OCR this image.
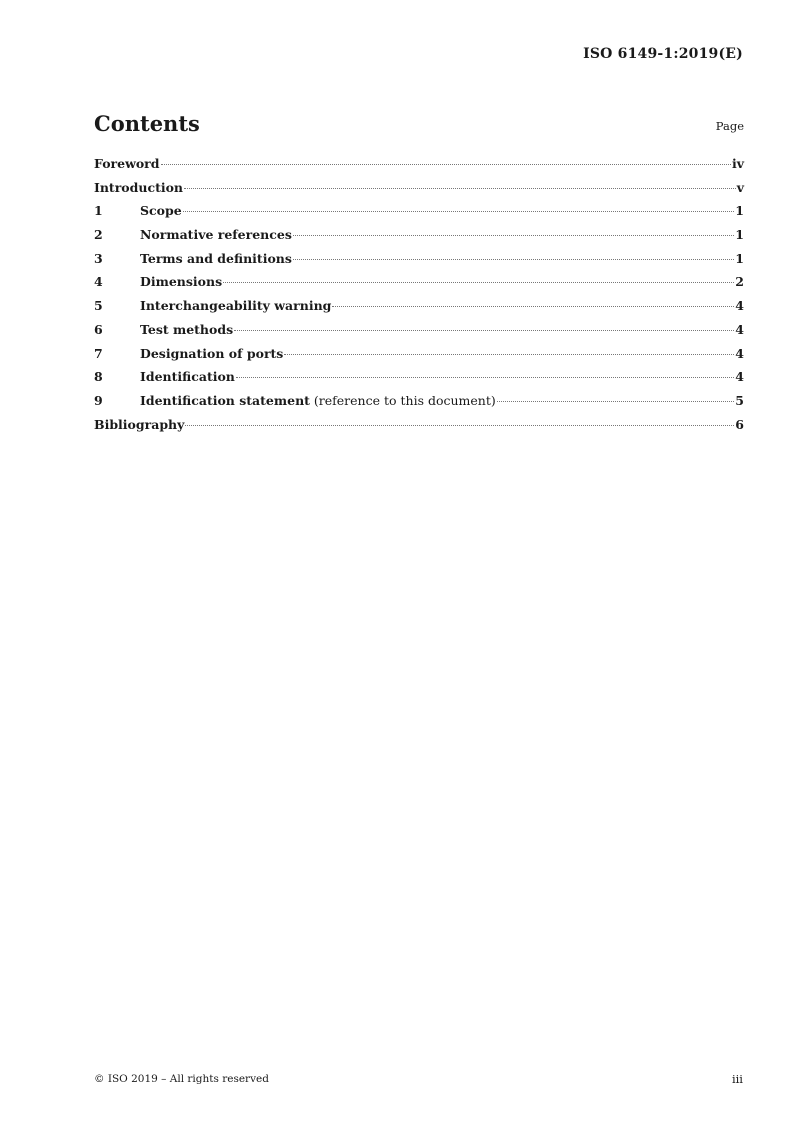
ISO 6149-1:2019(E)
Contents	Page
Foreword	iv
Introduction	v
1	Scope	1
2	Normative references	1
3	Terms and definitions	1
4	Dimensions	2
5	Interchangeability warning	4
6	Test methods	4
7	Designation of ports	4
8	Identification	4
9	Identification statement (reference to this document)	5
Bibliography	6
© ISO 2019 – All rights reserved	iii
